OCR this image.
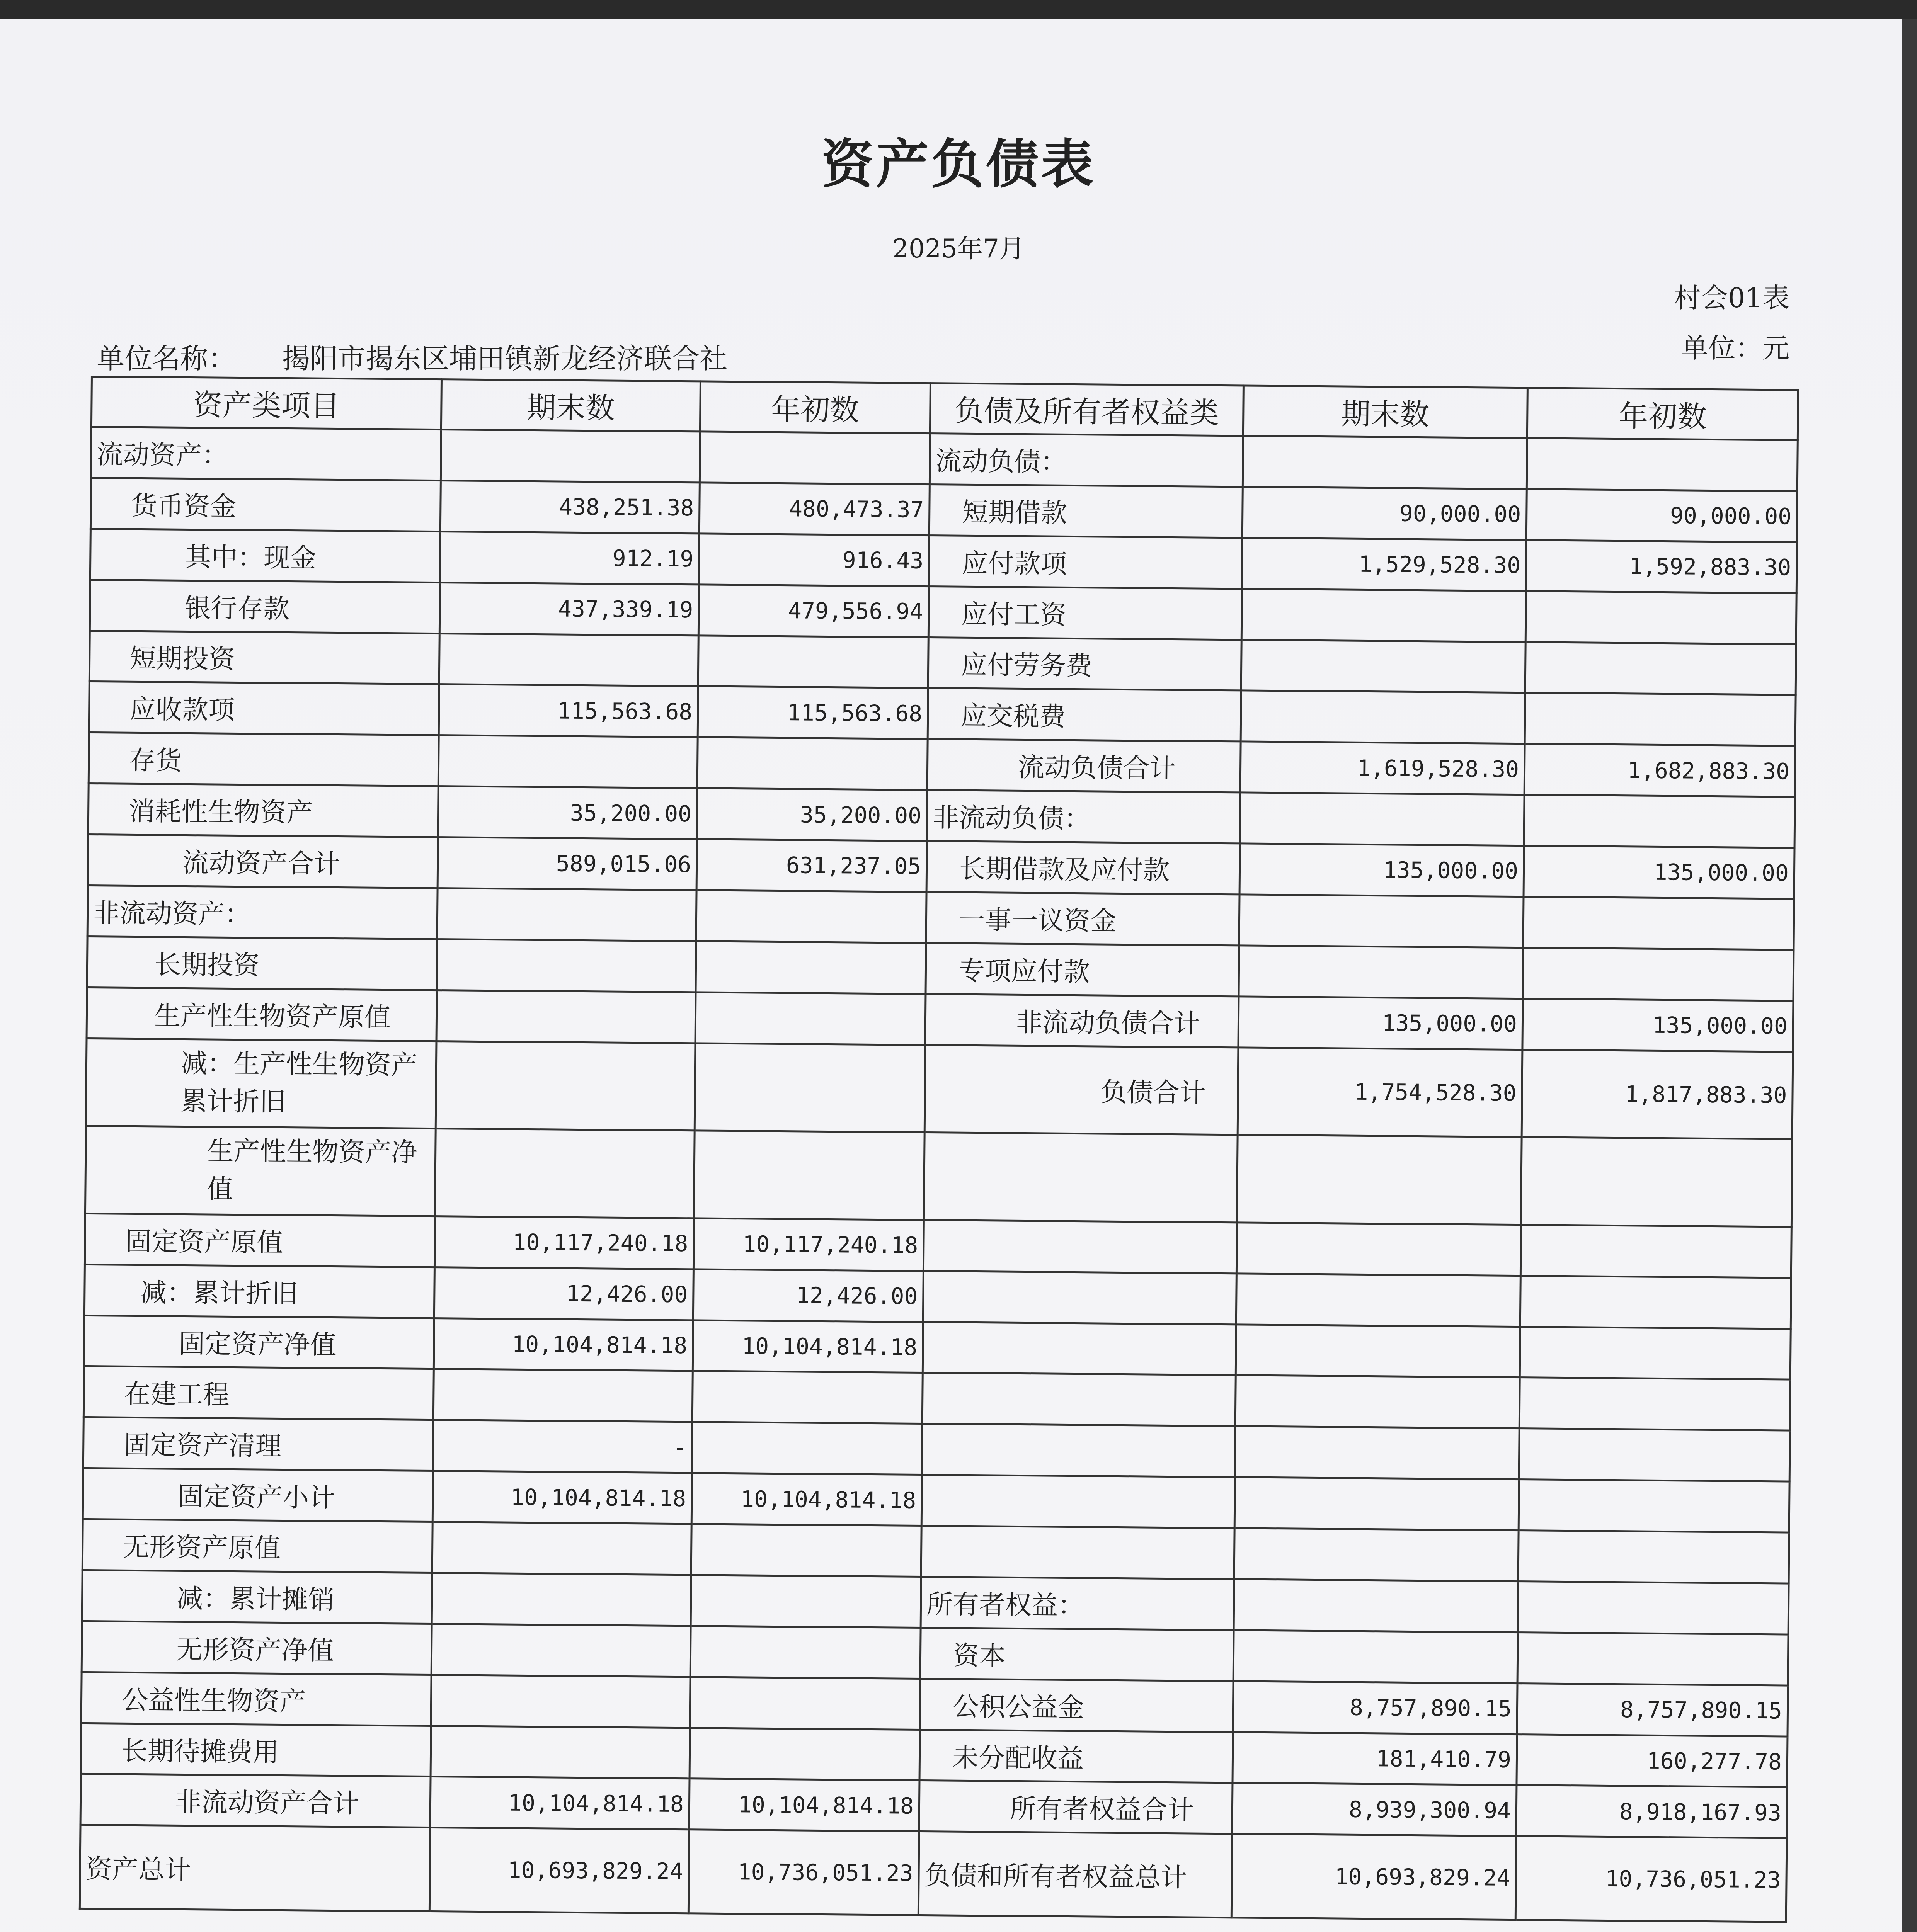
资产负债表
2025年7月
村会01表
单位：元
单位名称： 揭阳市揭东区埔田镇新龙经济联合社
资产类项目	期末数	年初数	负债及所有者权益类	期末数	年初数
流动资产：			流动负债：		
货币资金	438,251.38	480,473.37	短期借款	90,000.00	90,000.00
其中：现金	912.19	916.43	应付款项	1,529,528.30	1,592,883.30
银行存款	437,339.19	479,556.94	应付工资		
短期投资			应付劳务费		
应收款项	115,563.68	115,563.68	应交税费		
存货			流动负债合计	1,619,528.30	1,682,883.30
消耗性生物资产	35,200.00	35,200.00	非流动负债：		
流动资产合计	589,015.06	631,237.05	长期借款及应付款	135,000.00	135,000.00
非流动资产：			一事一议资金		
长期投资			专项应付款		
生产性生物资产原值			非流动负债合计	135,000.00	135,000.00
减：生产性生物资产累计折旧			负债合计	1,754,528.30	1,817,883.30
生产性生物资产净值					
固定资产原值	10,117,240.18	10,117,240.18			
减：累计折旧	12,426.00	12,426.00			
固定资产净值	10,104,814.18	10,104,814.18			
在建工程					
固定资产清理	-				
固定资产小计	10,104,814.18	10,104,814.18			
无形资产原值					
减：累计摊销			所有者权益：		
无形资产净值			资本		
公益性生物资产			公积公益金	8,757,890.15	8,757,890.15
长期待摊费用			未分配收益	181,410.79	160,277.78
非流动资产合计	10,104,814.18	10,104,814.18	所有者权益合计	8,939,300.94	8,918,167.93
资产总计	10,693,829.24	10,736,051.23	负债和所有者权益总计	10,693,829.24	10,736,051.23
